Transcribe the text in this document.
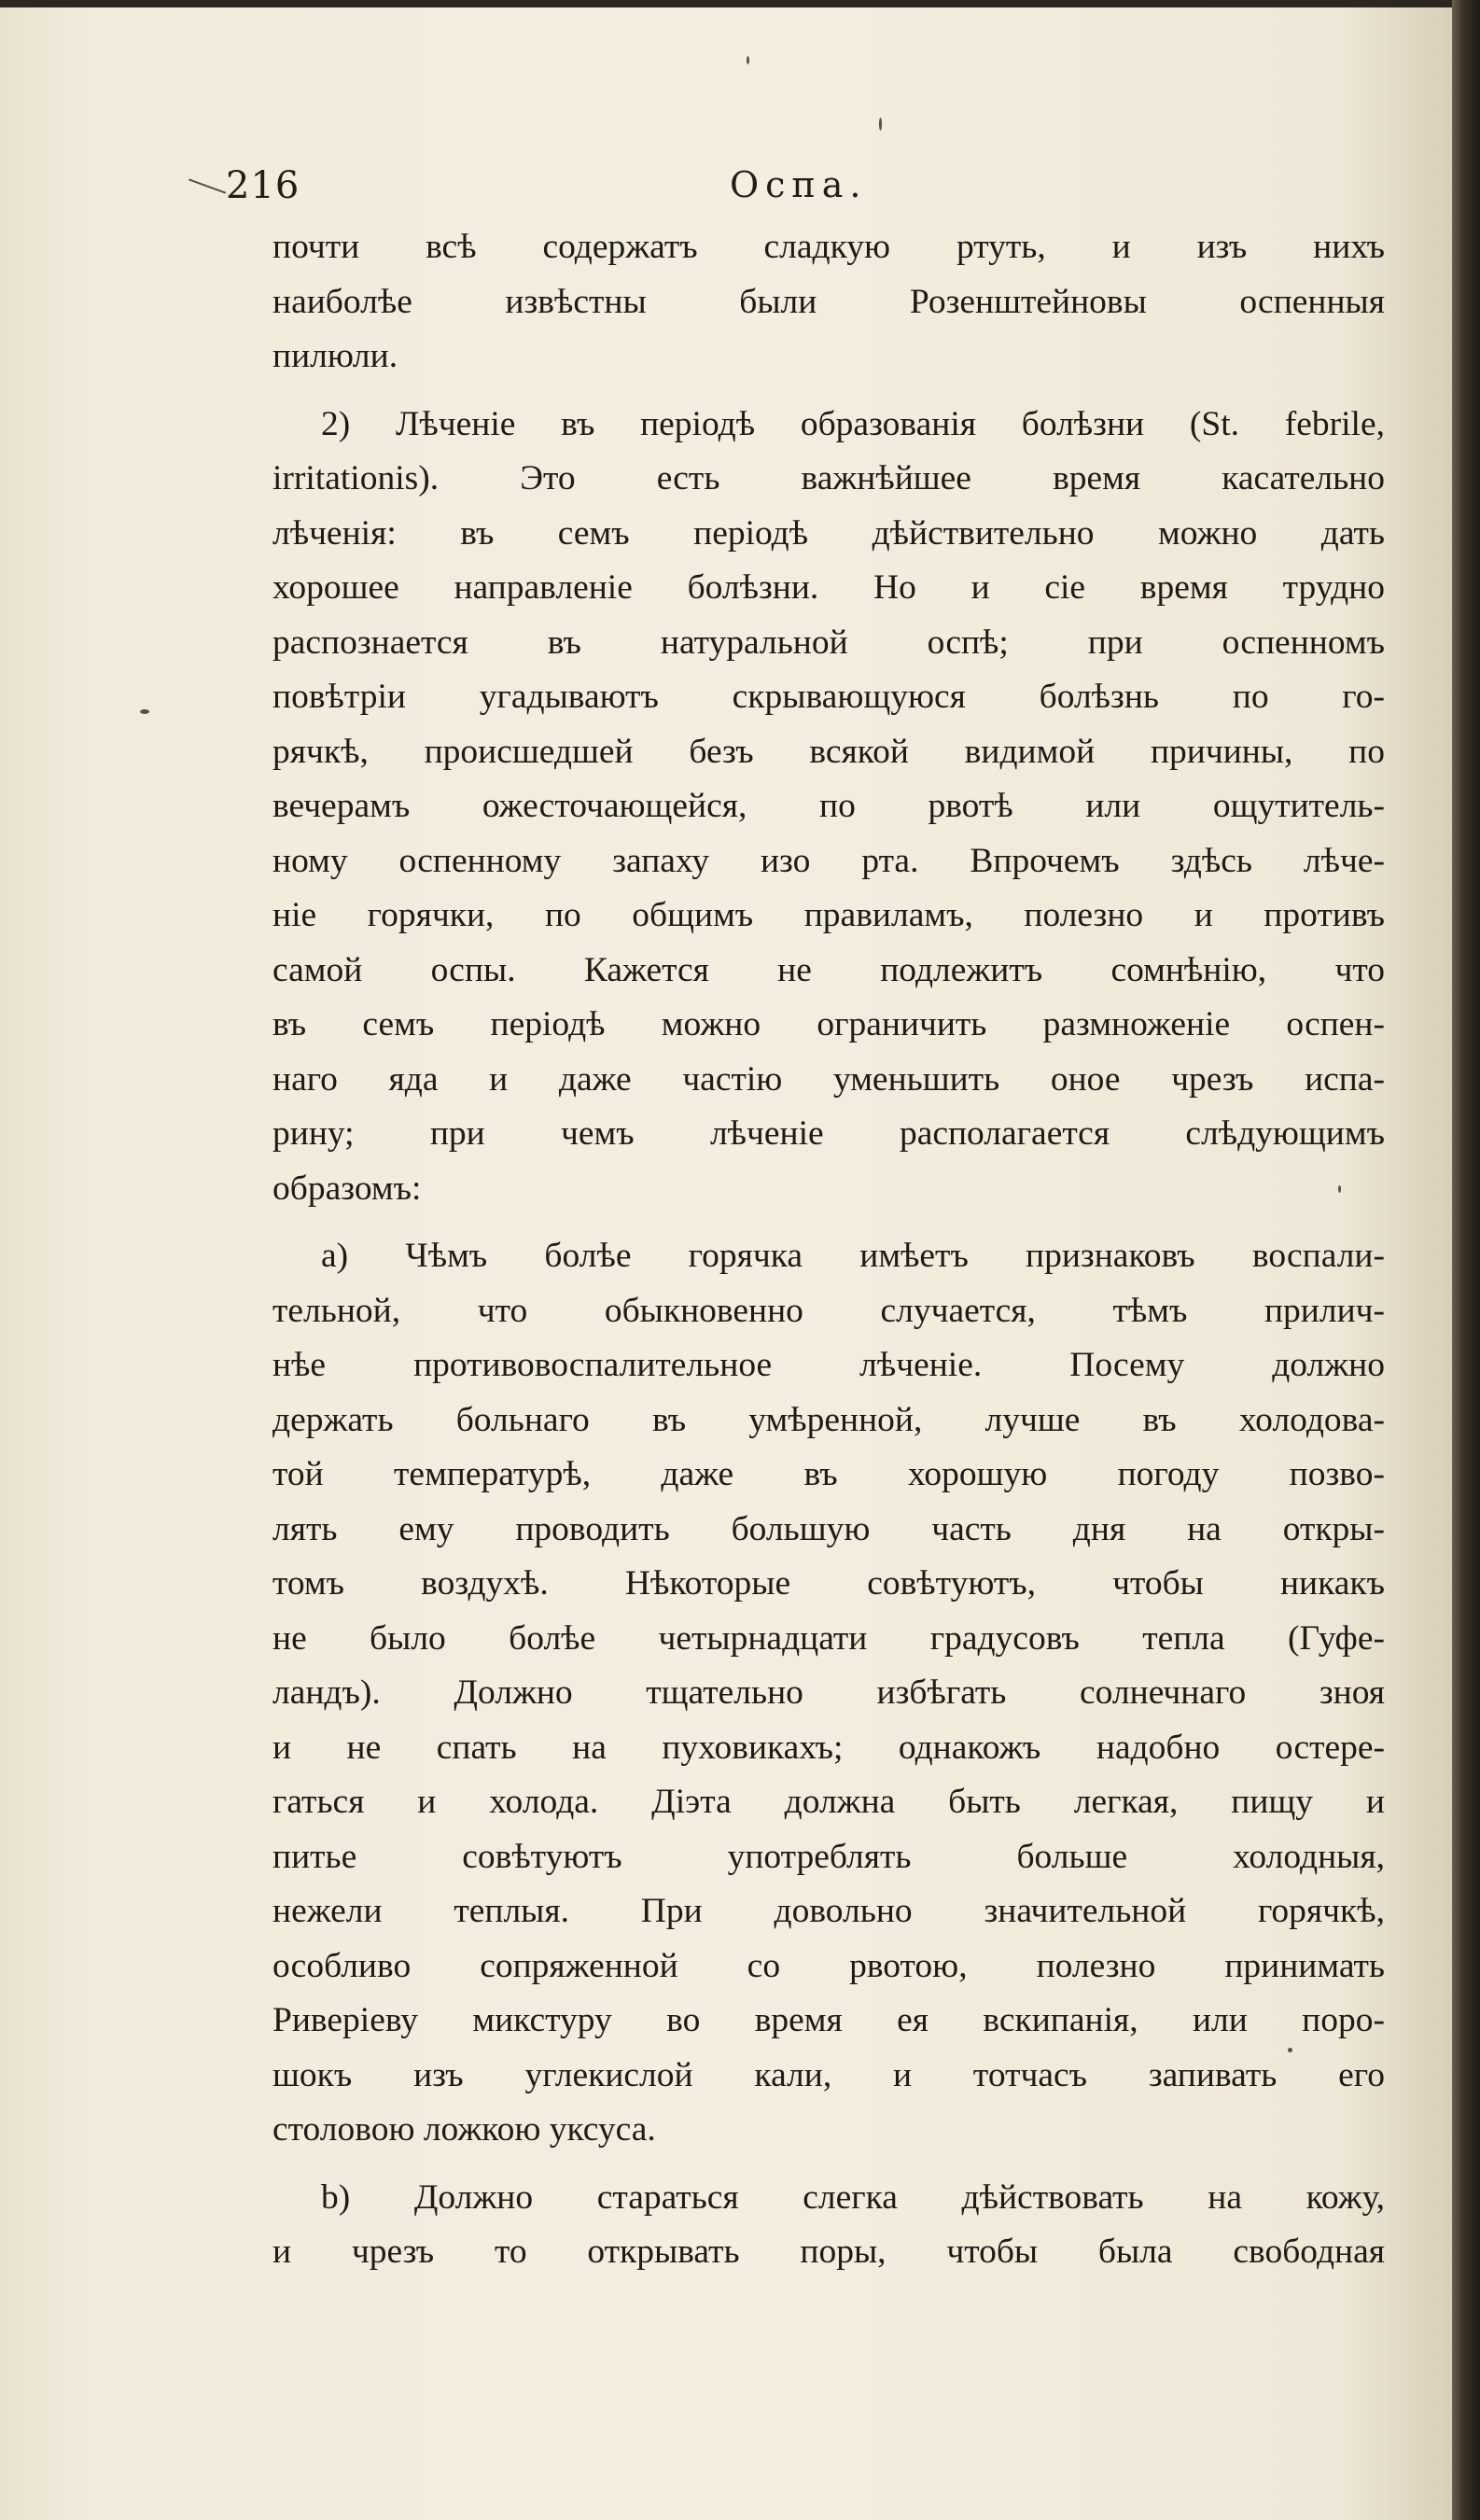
216	Оспа.
почти всѣ содержатъ сладкую ртуть, и изъ нихъ
наиболѣе извѣстны были Розенштейновы оспенныя
пилюли.
2) Лѣченіе въ періодѣ образованія болѣзни (St. febrile,
irritationis). Это есть важнѣйшее время касательно
лѣченія: въ семъ періодѣ дѣйствительно можно дать
хорошее направленіе болѣзни. Но и сіе время трудно
распознается въ натуральной оспѣ; при оспенномъ
повѣтріи угадываютъ скрывающуюся болѣзнь по го-
рячкѣ, происшедшей безъ всякой видимой причины, по
вечерамъ ожесточающейся, по рвотѣ или ощутитель-
ному оспенному запаху изо рта. Впрочемъ здѣсь лѣче-
ніе горячки, по общимъ правиламъ, полезно и противъ
самой оспы. Кажется не подлежитъ сомнѣнію, что
въ семъ періодѣ можно ограничить размноженіе оспен-
наго яда и даже частію уменьшить оное чрезъ испа-
рину; при чемъ лѣченіе располагается слѣдующимъ
образомъ:
a) Чѣмъ болѣе горячка имѣетъ признаковъ воспали-
тельной, что обыкновенно случается, тѣмъ прилич-
нѣе противовоспалительное лѣченіе. Посему должно
держать больнаго въ умѣренной, лучше въ холодова-
той температурѣ, даже въ хорошую погоду позво-
лять ему проводить большую часть дня на откры-
томъ воздухѣ. Нѣкоторые совѣтуютъ, чтобы никакъ
не было болѣе четырнадцати градусовъ тепла (Гуфе-
ландъ). Должно тщательно избѣгать солнечнаго зноя
и не спать на пуховикахъ; однакожъ надобно остере-
гаться и холода. Діэта должна быть легкая, пищу и
питье совѣтуютъ употреблять больше холодныя,
нежели теплыя. При довольно значительной горячкѣ,
особливо сопряженной со рвотою, полезно принимать
Риверіеву микстуру во время ея вскипанія, или поро-
шокъ изъ углекислой кали, и тотчасъ запивать его
столовою ложкою уксуса.
b) Должно стараться слегка дѣйствовать на кожу,
и чрезъ то открывать поры, чтобы была свободная
